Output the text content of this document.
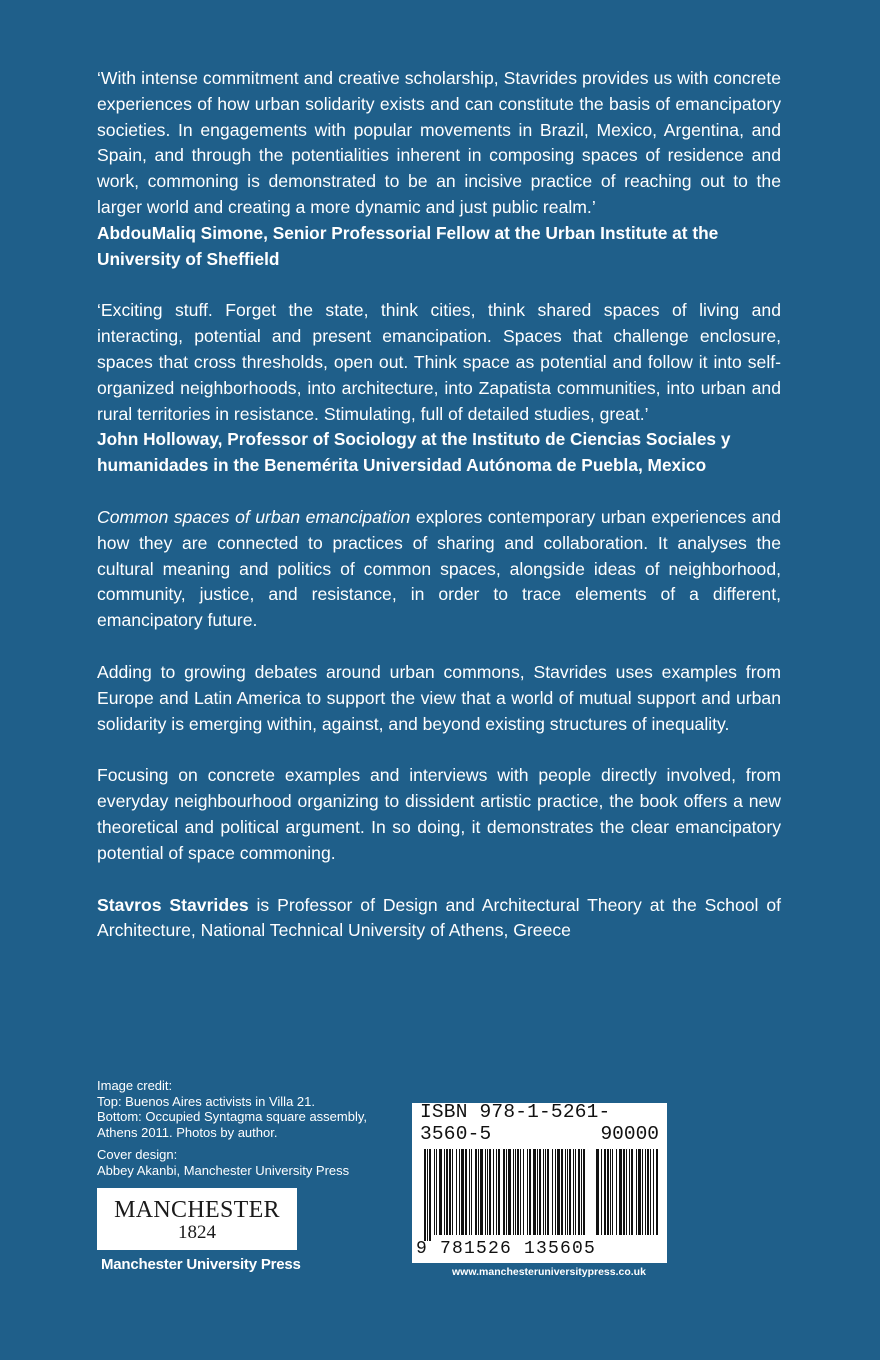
‘With intense commitment and creative scholarship, Stavrides provides us with concrete experiences of how urban solidarity exists and can constitute the basis of emancipatory societies. In engagements with popular movements in Brazil, Mexico, Argentina, and Spain, and through the potentialities inherent in composing spaces of residence and work, commoning is demonstrated to be an incisive practice of reaching out to the larger world and creating a more dynamic and just public realm.’

AbdouMaliq Simone, Senior Professorial Fellow at the Urban Institute at the University of Sheffield

‘Exciting stuff. Forget the state, think cities, think shared spaces of living and interacting, potential and present emancipation. Spaces that challenge enclosure, spaces that cross thresholds, open out. Think space as potential and follow it into self-organized neighborhoods, into architecture, into Zapatista communities, into urban and rural territories in resistance. Stimulating, full of detailed studies, great.’

John Holloway, Professor of Sociology at the Instituto de Ciencias Sociales y humanidades in the Benemérita Universidad Autónoma de Puebla, Mexico

Common spaces of urban emancipation explores contemporary urban experiences and how they are connected to practices of sharing and collaboration. It analyses the cultural meaning and politics of common spaces, alongside ideas of neighborhood, community, justice, and resistance, in order to trace elements of a different, emancipatory future.

Adding to growing debates around urban commons, Stavrides uses examples from Europe and Latin America to support the view that a world of mutual support and urban solidarity is emerging within, against, and beyond existing structures of inequality.

Focusing on concrete examples and interviews with people directly involved, from everyday neighbourhood organizing to dissident artistic practice, the book offers a new theoretical and political argument. In so doing, it demonstrates the clear emancipatory potential of space commoning.

Stavros Stavrides is Professor of Design and Architectural Theory at the School of Architecture, National Technical University of Athens, Greece

Image credit:

Top: Buenos Aires activists in Villa 21.

Bottom: Occupied Syntagma square assembly,

Athens 2011. Photos by author.

Cover design:

Abbey Akanbi, Manchester University Press

MANCHESTER
1824
Manchester University Press
ISBN 978-1-5261-3560-5	90000
9 781526 135605
www.manchesteruniversitypress.co.uk
